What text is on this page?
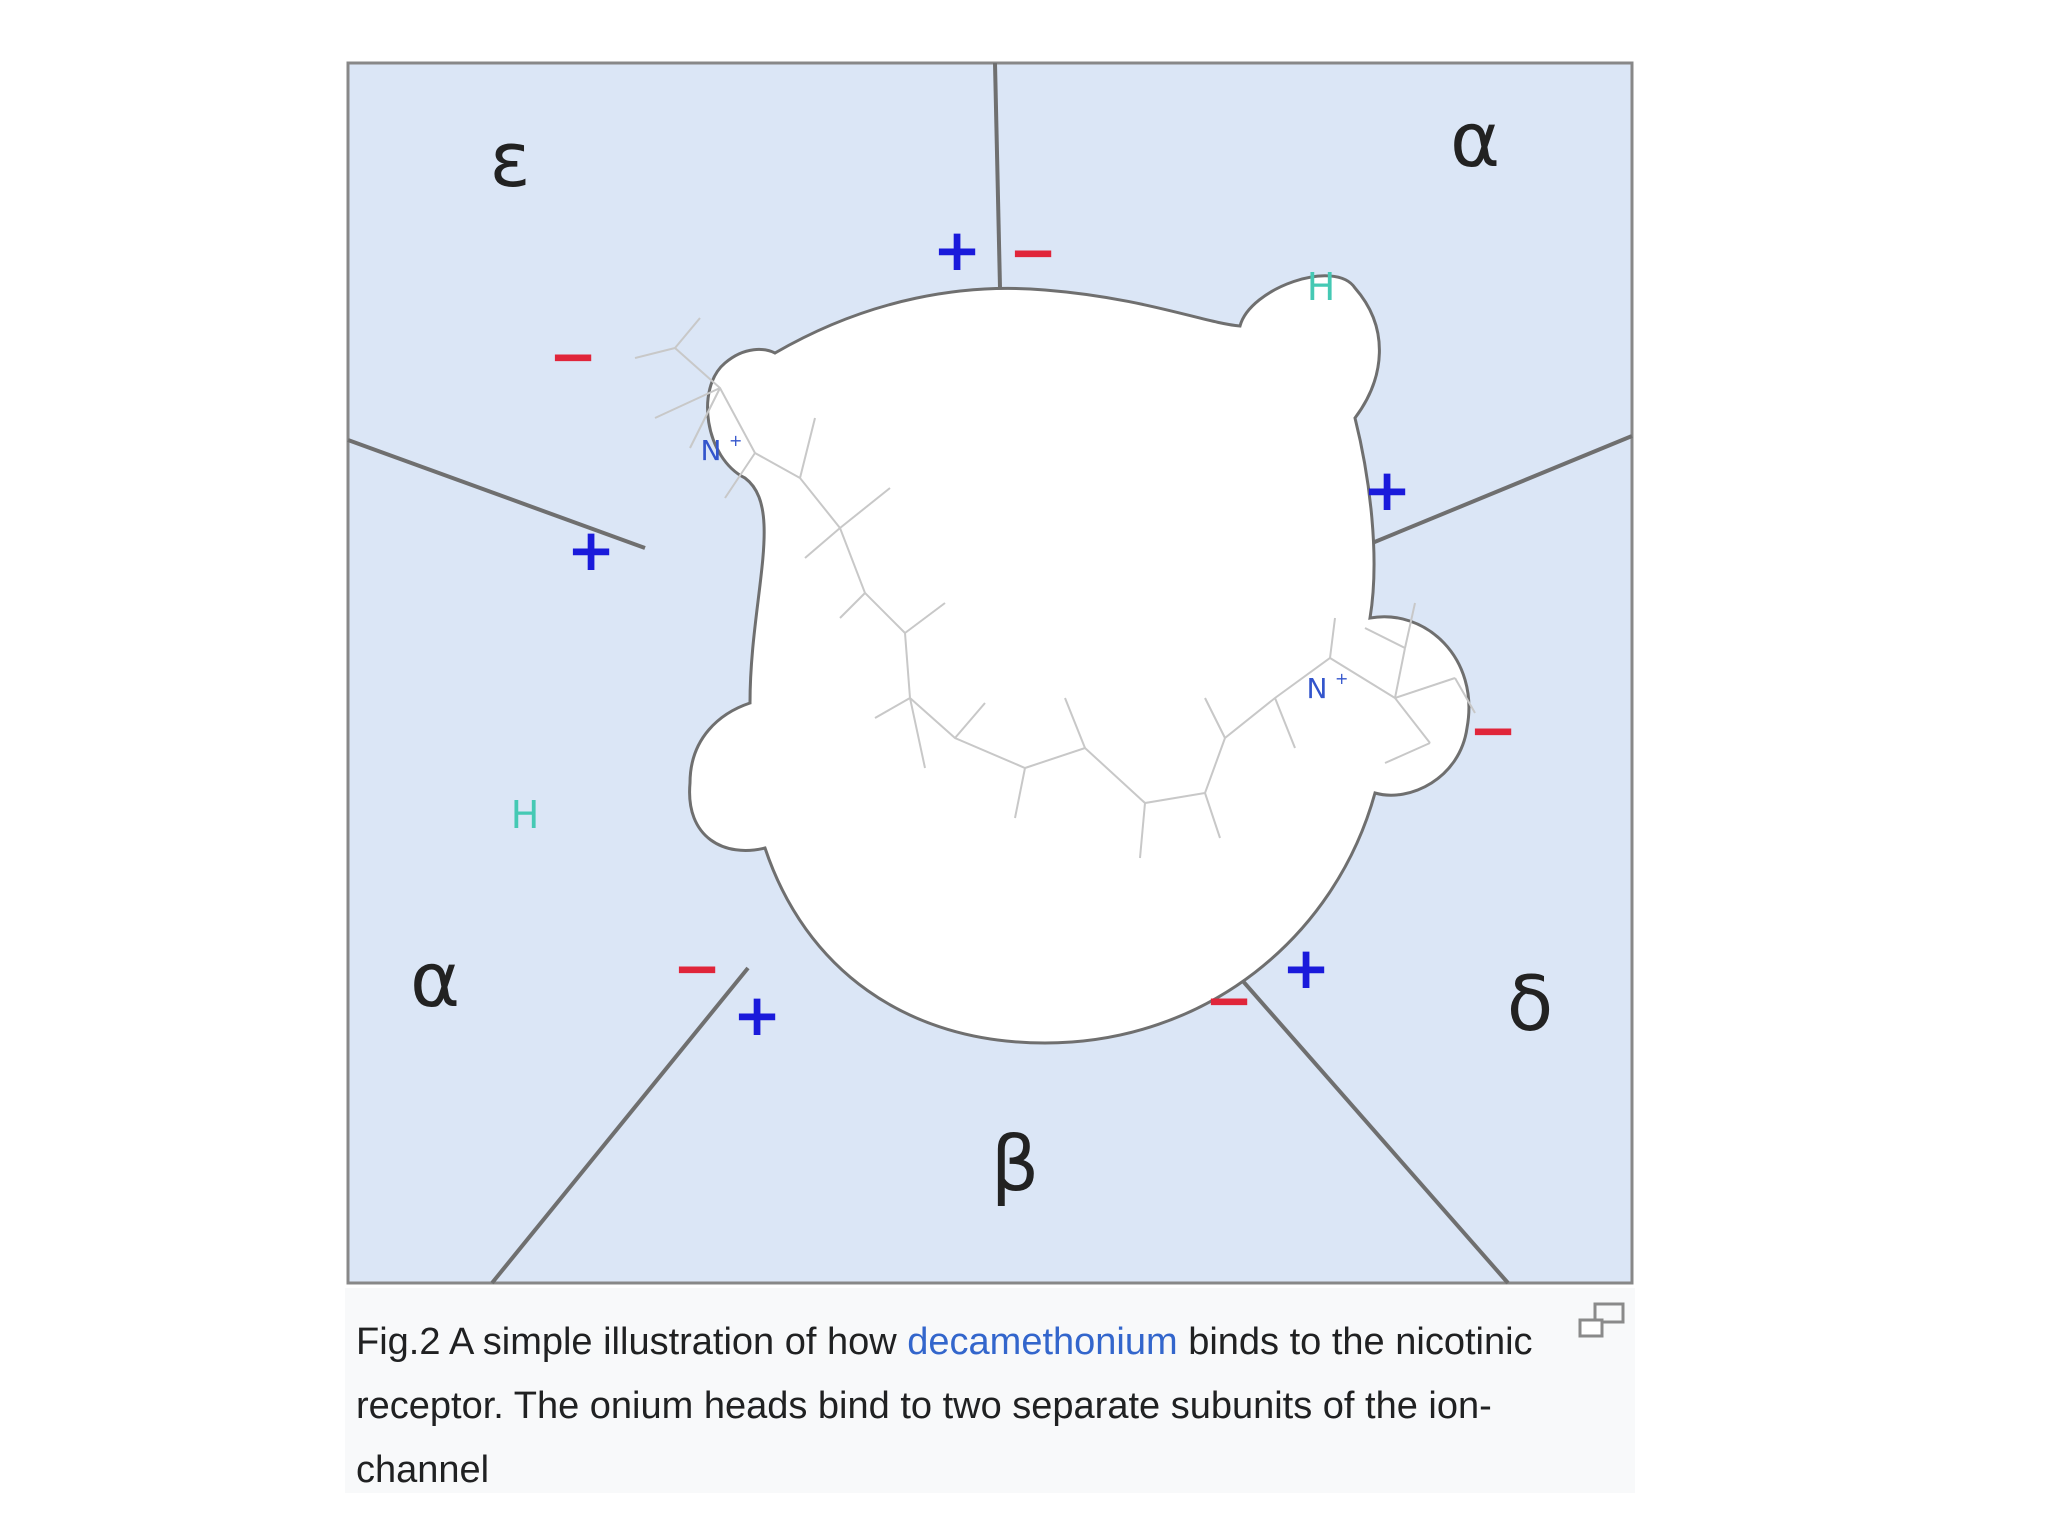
ε	α
α	δ
β
+
+
+
+
+
−
−
−
−	−
H
H
N +
N +
Fig.2 A simple illustration of how decamethonium binds to the nicotinic receptor. The onium heads bind to two separate subunits of the ion-channel
